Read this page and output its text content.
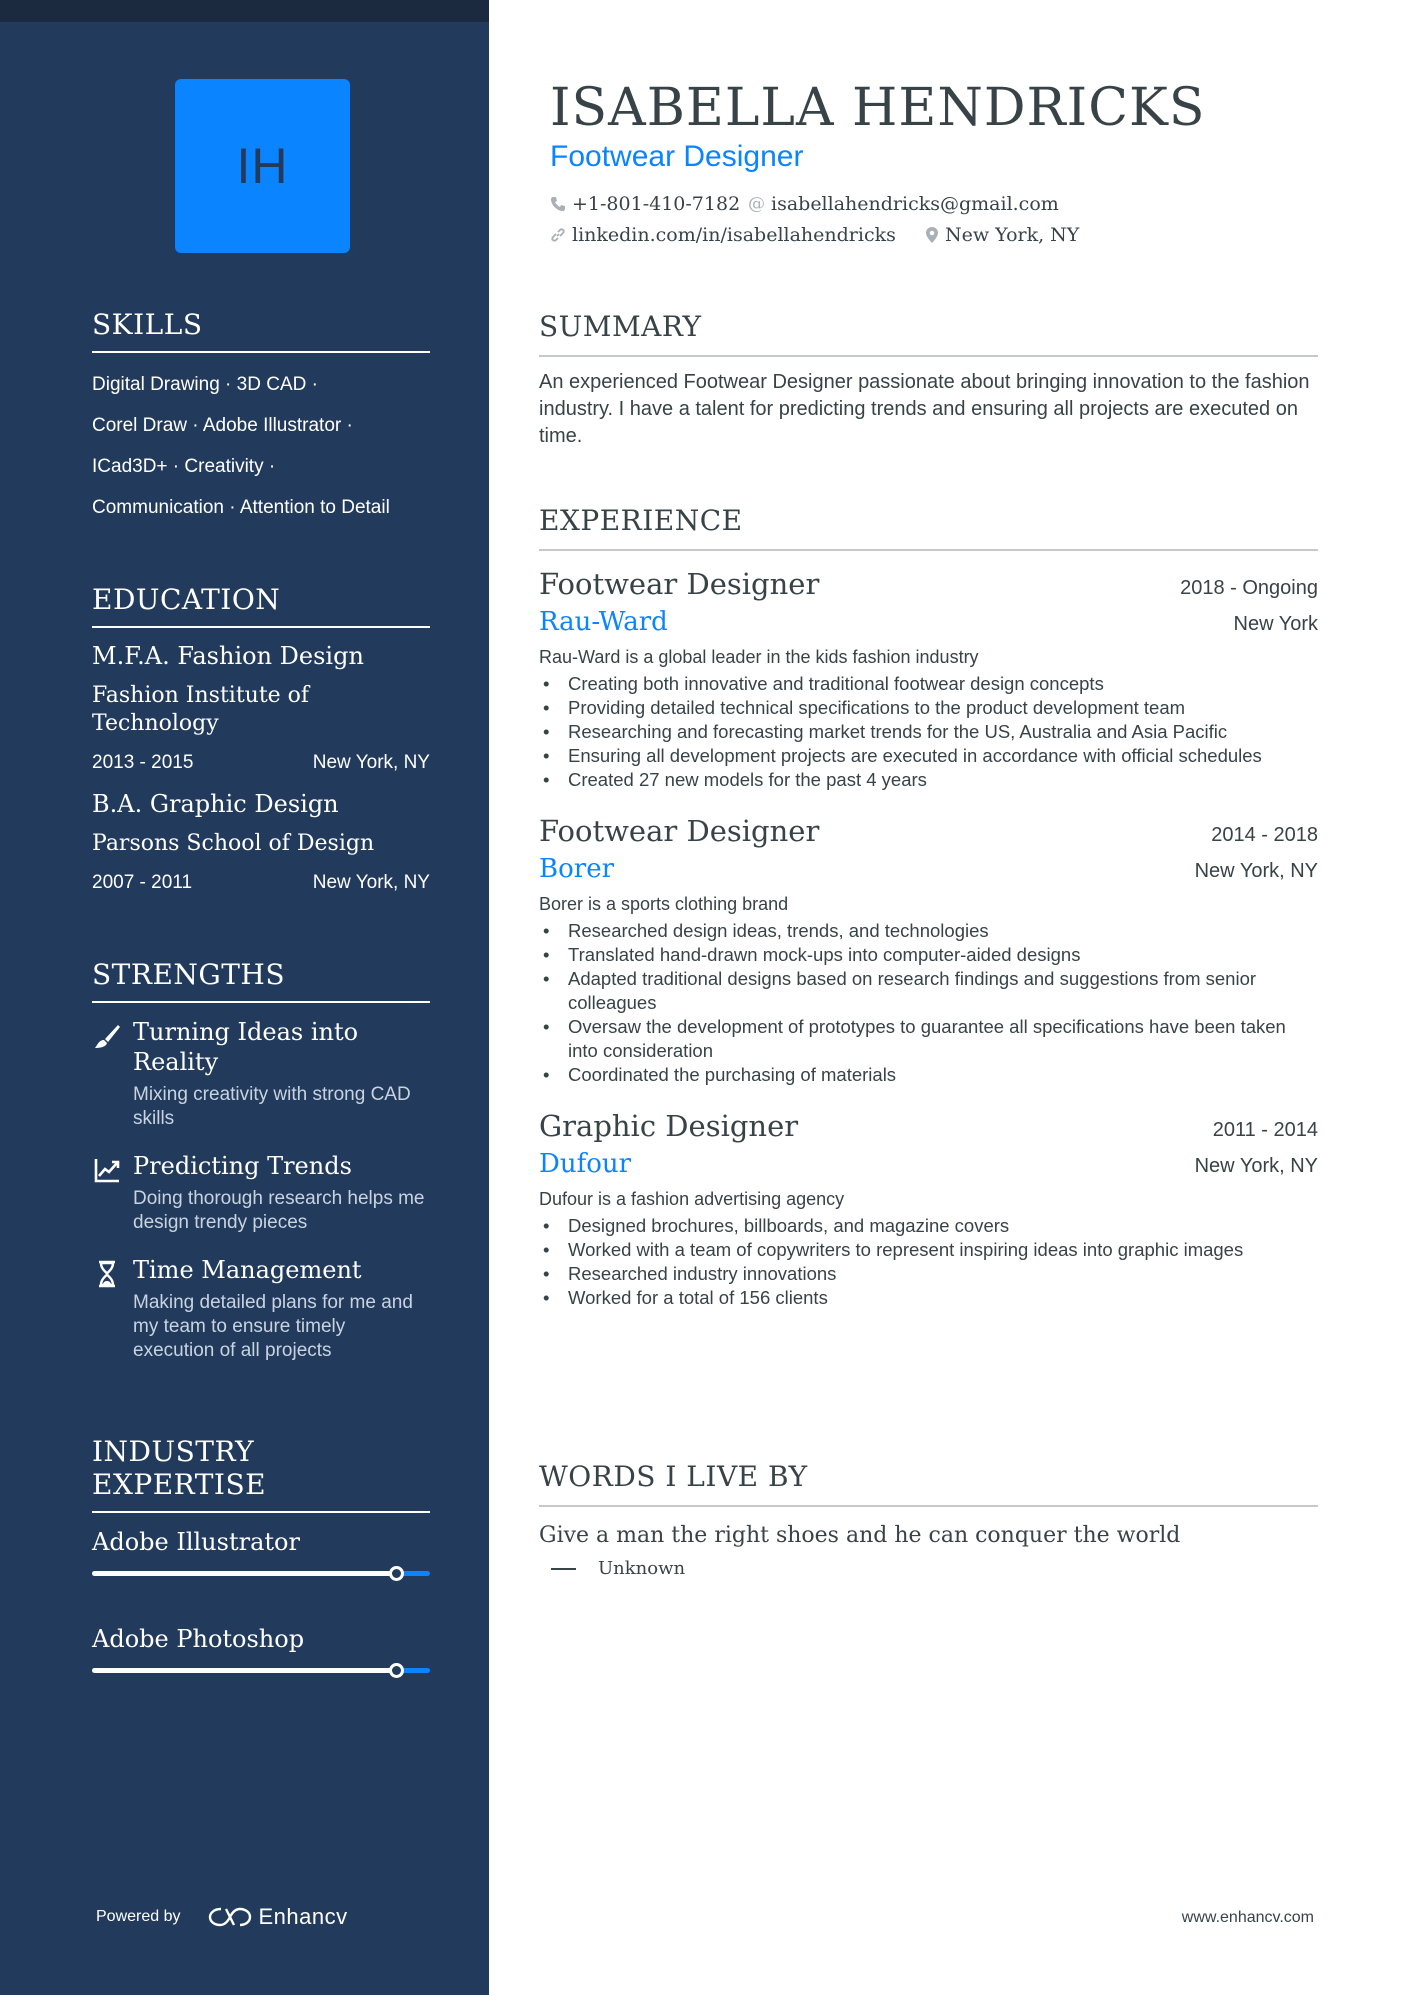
IH
SKILLS
Digital Drawing · 3D CAD ·
Corel Draw · Adobe Illustrator ·
ICad3D+ · Creativity ·
Communication · Attention to Detail
EDUCATION
M.F.A. Fashion Design
Fashion Institute of Technology
2013 - 2015	New York, NY
B.A. Graphic Design
Parsons School of Design
2007 - 2011	New York, NY
STRENGTHS
Turning Ideas into Reality
Mixing creativity with strong CAD skills
Predicting Trends
Doing thorough research helps me design trendy pieces
Time Management
Making detailed plans for me and my team to ensure timely execution of all projects
INDUSTRY EXPERTISE
Adobe Illustrator
Adobe Photoshop
Powered by	Enhancv
ISABELLA HENDRICKS
Footwear Designer
+1-801-410-7182 @ isabellahendricks@gmail.com
linkedin.com/in/isabellahendricks	New York, NY
SUMMARY
An experienced Footwear Designer passionate about bringing innovation to the fashion industry. I have a talent for predicting trends and ensuring all projects are executed on time.
EXPERIENCE
Footwear Designer	2018 - Ongoing
Rau-Ward	New York
Rau-Ward is a global leader in the kids fashion industry
• Creating both innovative and traditional footwear design concepts
• Providing detailed technical specifications to the product development team
• Researching and forecasting market trends for the US, Australia and Asia Pacific
• Ensuring all development projects are executed in accordance with official schedules
• Created 27 new models for the past 4 years
Footwear Designer	2014 - 2018
Borer	New York, NY
Borer is a sports clothing brand
• Researched design ideas, trends, and technologies
• Translated hand-drawn mock-ups into computer-aided designs
• Adapted traditional designs based on research findings and suggestions from senior colleagues
• Oversaw the development of prototypes to guarantee all specifications have been taken into consideration
• Coordinated the purchasing of materials
Graphic Designer	2011 - 2014
Dufour	New York, NY
Dufour is a fashion advertising agency
• Designed brochures, billboards, and magazine covers
• Worked with a team of copywriters to represent inspiring ideas into graphic images
• Researched industry innovations
• Worked for a total of 156 clients
WORDS I LIVE BY
Give a man the right shoes and he can conquer the world
Unknown
www.enhancv.com
